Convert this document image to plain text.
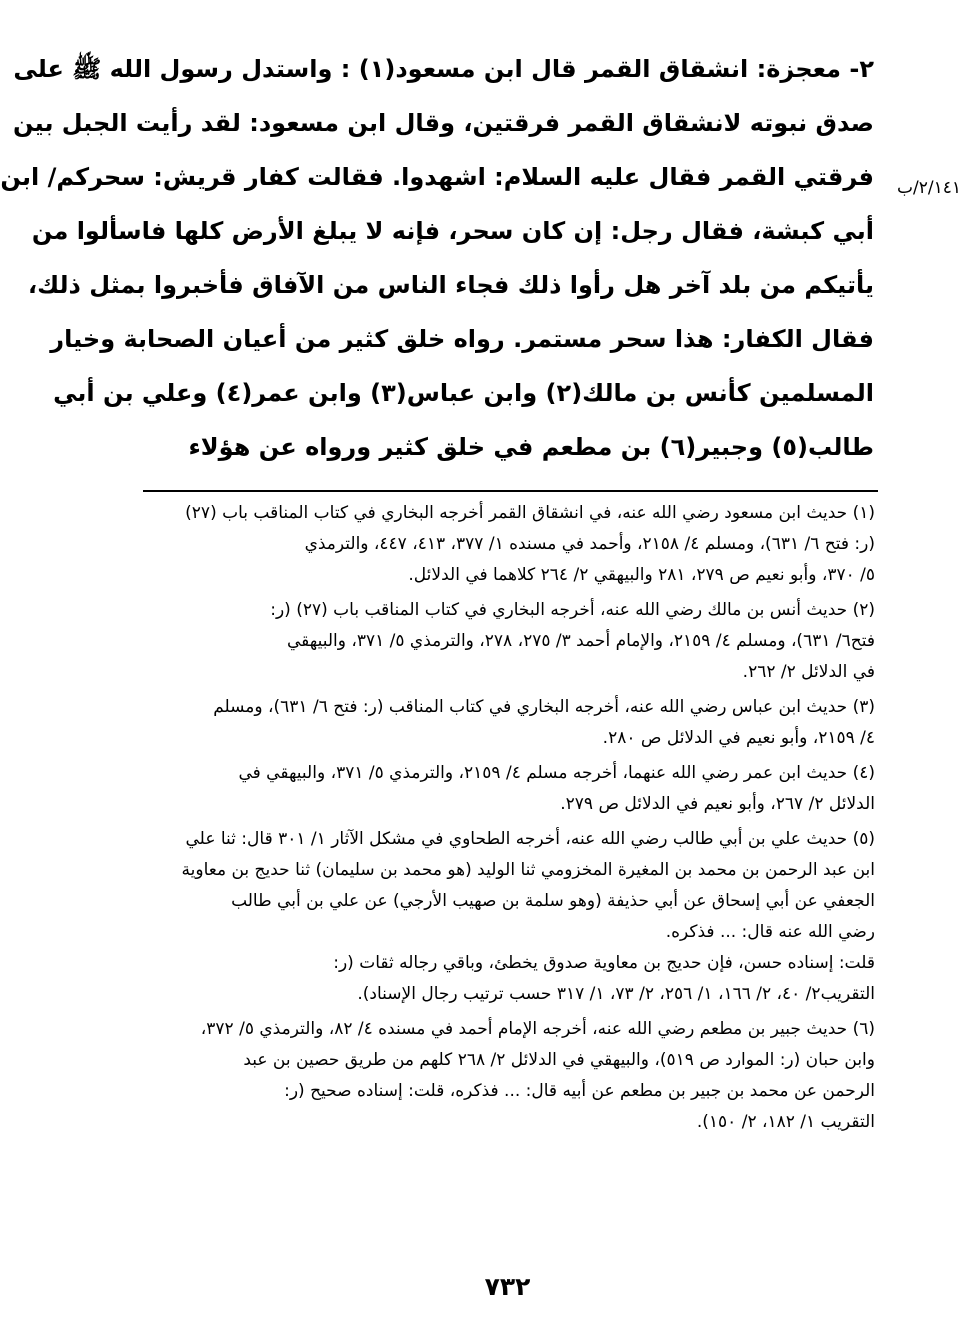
٢/١٤١/ب
٢- معجزة: انشقاق القمر قال ابن مسعود(١) : واستدل رسول الله ﷺ على
صدق نبوته لانشقاق القمر فرقتين، وقال ابن مسعود: لقد رأيت الجبل بين
فرقتي القمر فقال عليه السلام: اشهدوا. فقالت كفار قريش: سحركم/ ابن
أبي كبشة، فقال رجل: إن كان سحر، فإنه لا يبلغ الأرض كلها فاسألوا من
يأتيكم من بلد آخر هل رأوا ذلك فجاء الناس من الآفاق فأخبروا بمثل ذلك،
فقال الكفار: هذا سحر مستمر. رواه خلق كثير من أعيان الصحابة وخيار
المسلمين كأنس بن مالك(٢) وابن عباس(٣) وابن عمر(٤) وعلي بن أبي
طالب(٥) وجبير(٦) بن مطعم في خلق كثير ورواه عن هؤلاء
(١) حديث ابن مسعود رضي الله عنه، في انشقاق القمر أخرجه البخاري في كتاب المناقب باب (٢٧)
(ر: فتح ٦/ ٦٣١)، ومسلم ٤/ ٢١٥٨، وأحمد في مسنده ١/ ٣٧٧، ٤١٣، ٤٤٧، والترمذي
٥/ ٣٧٠، وأبو نعيم ص ٢٧٩، ٢٨١ والبيهقي ٢/ ٢٦٤ كلاهما في الدلائل.
(٢) حديث أنس بن مالك رضي الله عنه، أخرجه البخاري في كتاب المناقب باب (٢٧) (ر:
فتح٦/ ٦٣١)، ومسلم ٤/ ٢١٥٩، والإمام أحمد ٣/ ٢٧٥، ٢٧٨، والترمذي ٥/ ٣٧١، والبيهقي
في الدلائل ٢/ ٢٦٢.
(٣) حديث ابن عباس رضي الله عنه، أخرجه البخاري في كتاب المناقب (ر: فتح ٦/ ٦٣١)، ومسلم
٤/ ٢١٥٩، وأبو نعيم في الدلائل ص ٢٨٠.
(٤) حديث ابن عمر رضي الله عنهما، أخرجه مسلم ٤/ ٢١٥٩، والترمذي ٥/ ٣٧١، والبيهقي في
الدلائل ٢/ ٢٦٧، وأبو نعيم في الدلائل ص ٢٧٩.
(٥) حديث علي بن أبي طالب رضي الله عنه، أخرجه الطحاوي في مشكل الآثار ١/ ٣٠١ قال: ثنا علي
ابن عبد الرحمن بن محمد بن المغيرة المخزومي ثنا الوليد (هو محمد بن سليمان) ثنا حديج بن معاوية
الجعفي عن أبي إسحاق عن أبي حذيفة (وهو سلمة بن صهيب الأرجي) عن علي بن أبي طالب
رضي الله عنه قال: ... فذكره.
قلت: إسناده حسن، فإن حديج بن معاوية صدوق يخطئ، وباقي رجاله ثقات (ر:
التقريب٢/ ٤٠، ٢/ ١٦٦، ١/ ٢٥٦، ٢/ ٧٣، ١/ ٣١٧ حسب ترتيب رجال الإسناد).
(٦) حديث جبير بن مطعم رضي الله عنه، أخرجه الإمام أحمد في مسنده ٤/ ٨٢، والترمذي ٥/ ٣٧٢،
وابن حبان (ر: الموارد ص ٥١٩)، والبيهقي في الدلائل ٢/ ٢٦٨ كلهم من طريق حصين بن عبد
الرحمن عن محمد بن جبير بن مطعم عن أبيه قال: ... فذكره، قلت: إسناده صحيح (ر:
التقريب ١/ ١٨٢، ٢/ ١٥٠).
٧٣٢
